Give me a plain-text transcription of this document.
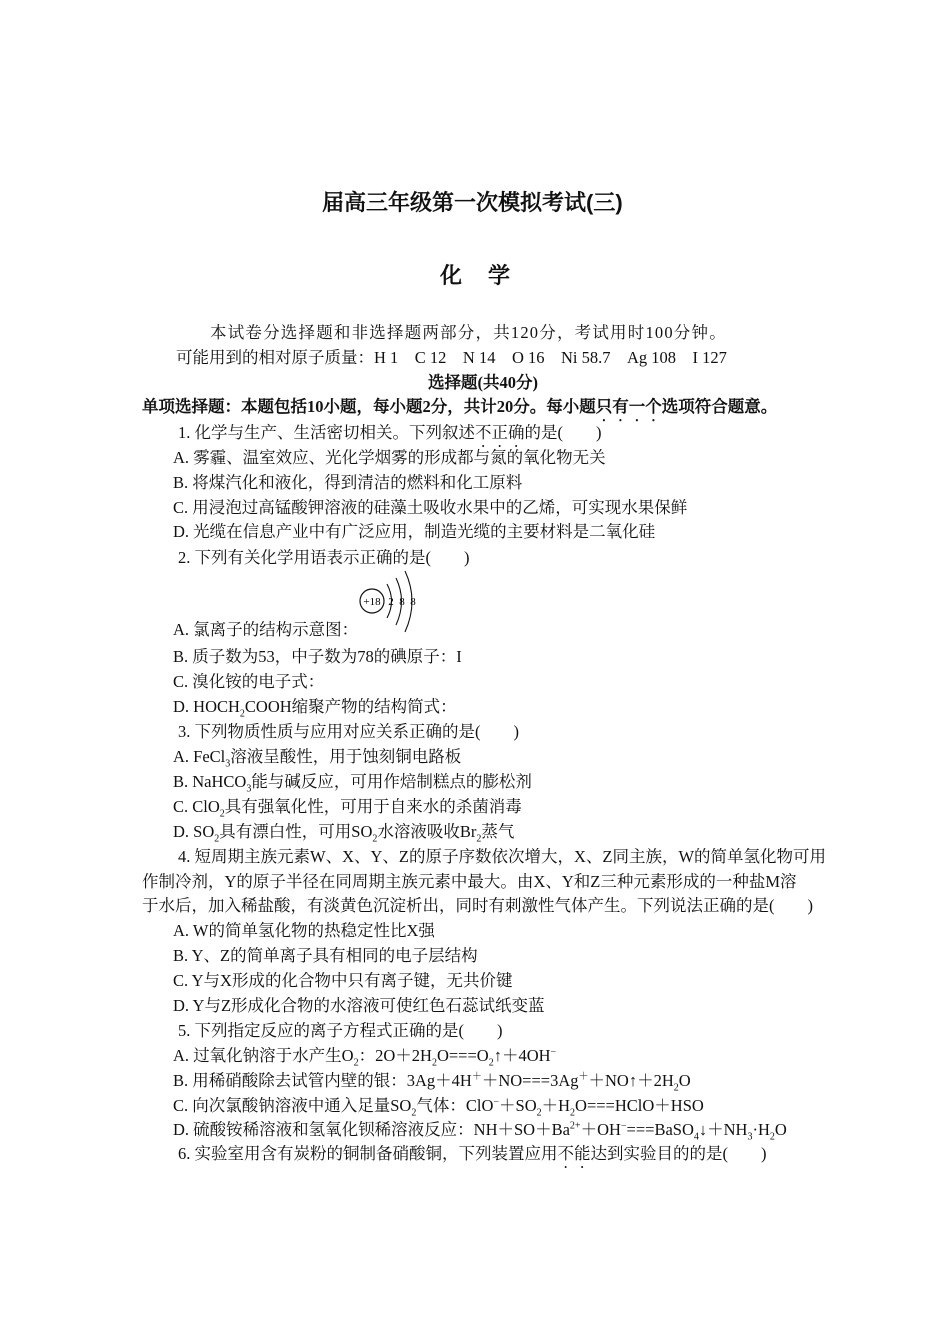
届高三年级第一次模拟考试(三)
化学
本试卷分选择题和非选择题两部分，共120分，考试用时100分钟。
可能用到的相对原子质量：H 1　C 12　N 14　O 16　Ni 58.7　Ag 108　I 127
选择题(共40分)
单项选择题：本题包括10小题，每小题2分，共计20分。每小题只有一个选项符合题意。
1. 化学与生产、生活密切相关。下列叙述不正确的是(　　)
A. 雾霾、温室效应、光化学烟雾的形成都与氮的氧化物无关
B. 将煤汽化和液化，得到清洁的燃料和化工原料
C. 用浸泡过高锰酸钾溶液的硅藻土吸收水果中的乙烯，可实现水果保鲜
D. 光缆在信息产业中有广泛应用，制造光缆的主要材料是二氧化硅
2. 下列有关化学用语表示正确的是(　　)
+18 2 8 8
A. 氯离子的结构示意图：
B. 质子数为53，中子数为78的碘原子：I
C. 溴化铵的电子式：
D. $HOCH_2COOH$缩聚产物的结构简式：
3. 下列物质性质与应用对应关系正确的是(　　)
A. FeCl$_3$溶液呈酸性，用于蚀刻铜电路板
B. NaHCO$_3$能与碱反应，可用作焙制糕点的膨松剂
C. ClO$_2$具有强氧化性，可用于自来水的杀菌消毒
D. $SO_2$具有漂白性，可用$SO_2$水溶液吸收$Br_2$蒸气
4. 短周期主族元素W、X、Y、Z的原子序数依次增大，X、Z同主族，W的简单氢化物可用
作制冷剂，Y的原子半径在同周期主族元素中最大。由X、Y和Z三种元素形成的一种盐M溶
于水后，加入稀盐酸，有淡黄色沉淀析出，同时有刺激性气体产生。下列说法正确的是(　　)
A. W的简单氢化物的热稳定性比X强
B. Y、Z的简单离子具有相同的电子层结构
C. Y与X形成的化合物中只有离子键，无共价键
D. Y与Z形成化合物的水溶液可使红色石蕊试纸变蓝
5. 下列指定反应的离子方程式正确的是(　　)
A. 过氧化钠溶于水产生$O_2$：$2O+2H_2O===O_2↑+4OH^-$
B. 用稀硝酸除去试管内壁的银：$3Ag+4H^++NO===3Ag^++NO↑+2H_2O$
C. 向次氯酸钠溶液中通入足量$SO_2$气体：$ClO^-+SO_2+H_2O===HClO+HSO$
D. 硫酸铵稀溶液和氢氧化钡稀溶液反应：$NH+SO+Ba^{2+}+OH^-===BaSO_4↓+NH_3\cdot H_2O$
6. 实验室用含有炭粉的铜制备硝酸铜，下列装置应用不能达到实验目的的是(　　)
